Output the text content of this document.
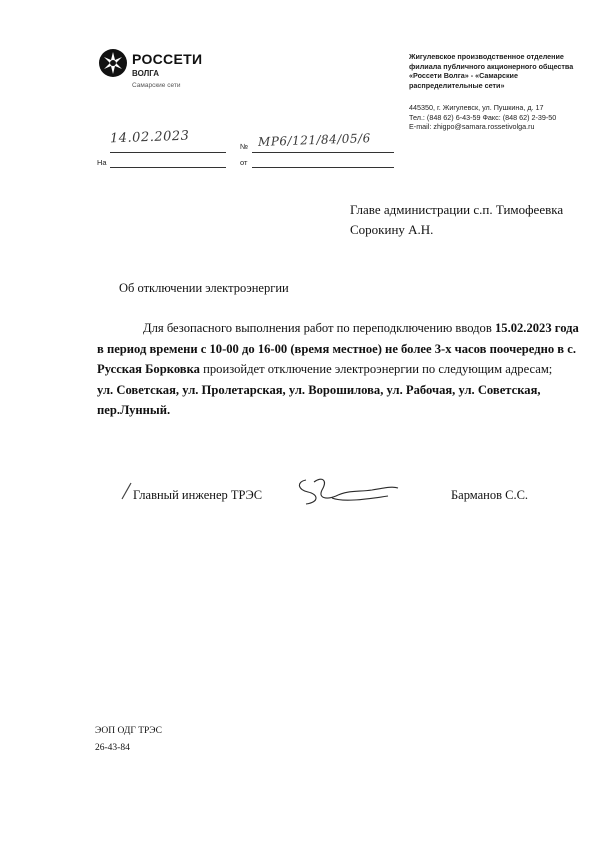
РОССЕТИ
ВОЛГА
Самарские сети
Жигулевское производственное отделение
филиала публичного акционерного общества
«Россети Волга» - «Самарские
распределительные сети»
445350, г. Жигулевск, ул. Пушкина, д. 17
Тел.: (848 62) 6-43-59 Факс: (848 62) 2-39-50
E-mail: zhigpo@samara.rossetivolga.ru
14.02.2023
№ МР6/121/84/05/6
На	от
Главе администрации с.п. Тимофеевка
Сорокину А.Н.
Об отключении электроэнергии

Для безопасного выполнения работ по переподключению вводов 15.02.2023 года в период времени с 10-00 до 16-00 (время местное) не более 3-х часов поочередно в с. Русская Борковка произойдет отключение электроэнергии по следующим адресам;

ул. Советская, ул. Пролетарская, ул. Ворошилова, ул. Рабочая, ул. Советская, пер.Лунный.

Главный инженер ТРЭС	Барманов С.С.
ЭОП ОДГ ТРЭС
26-43-84
